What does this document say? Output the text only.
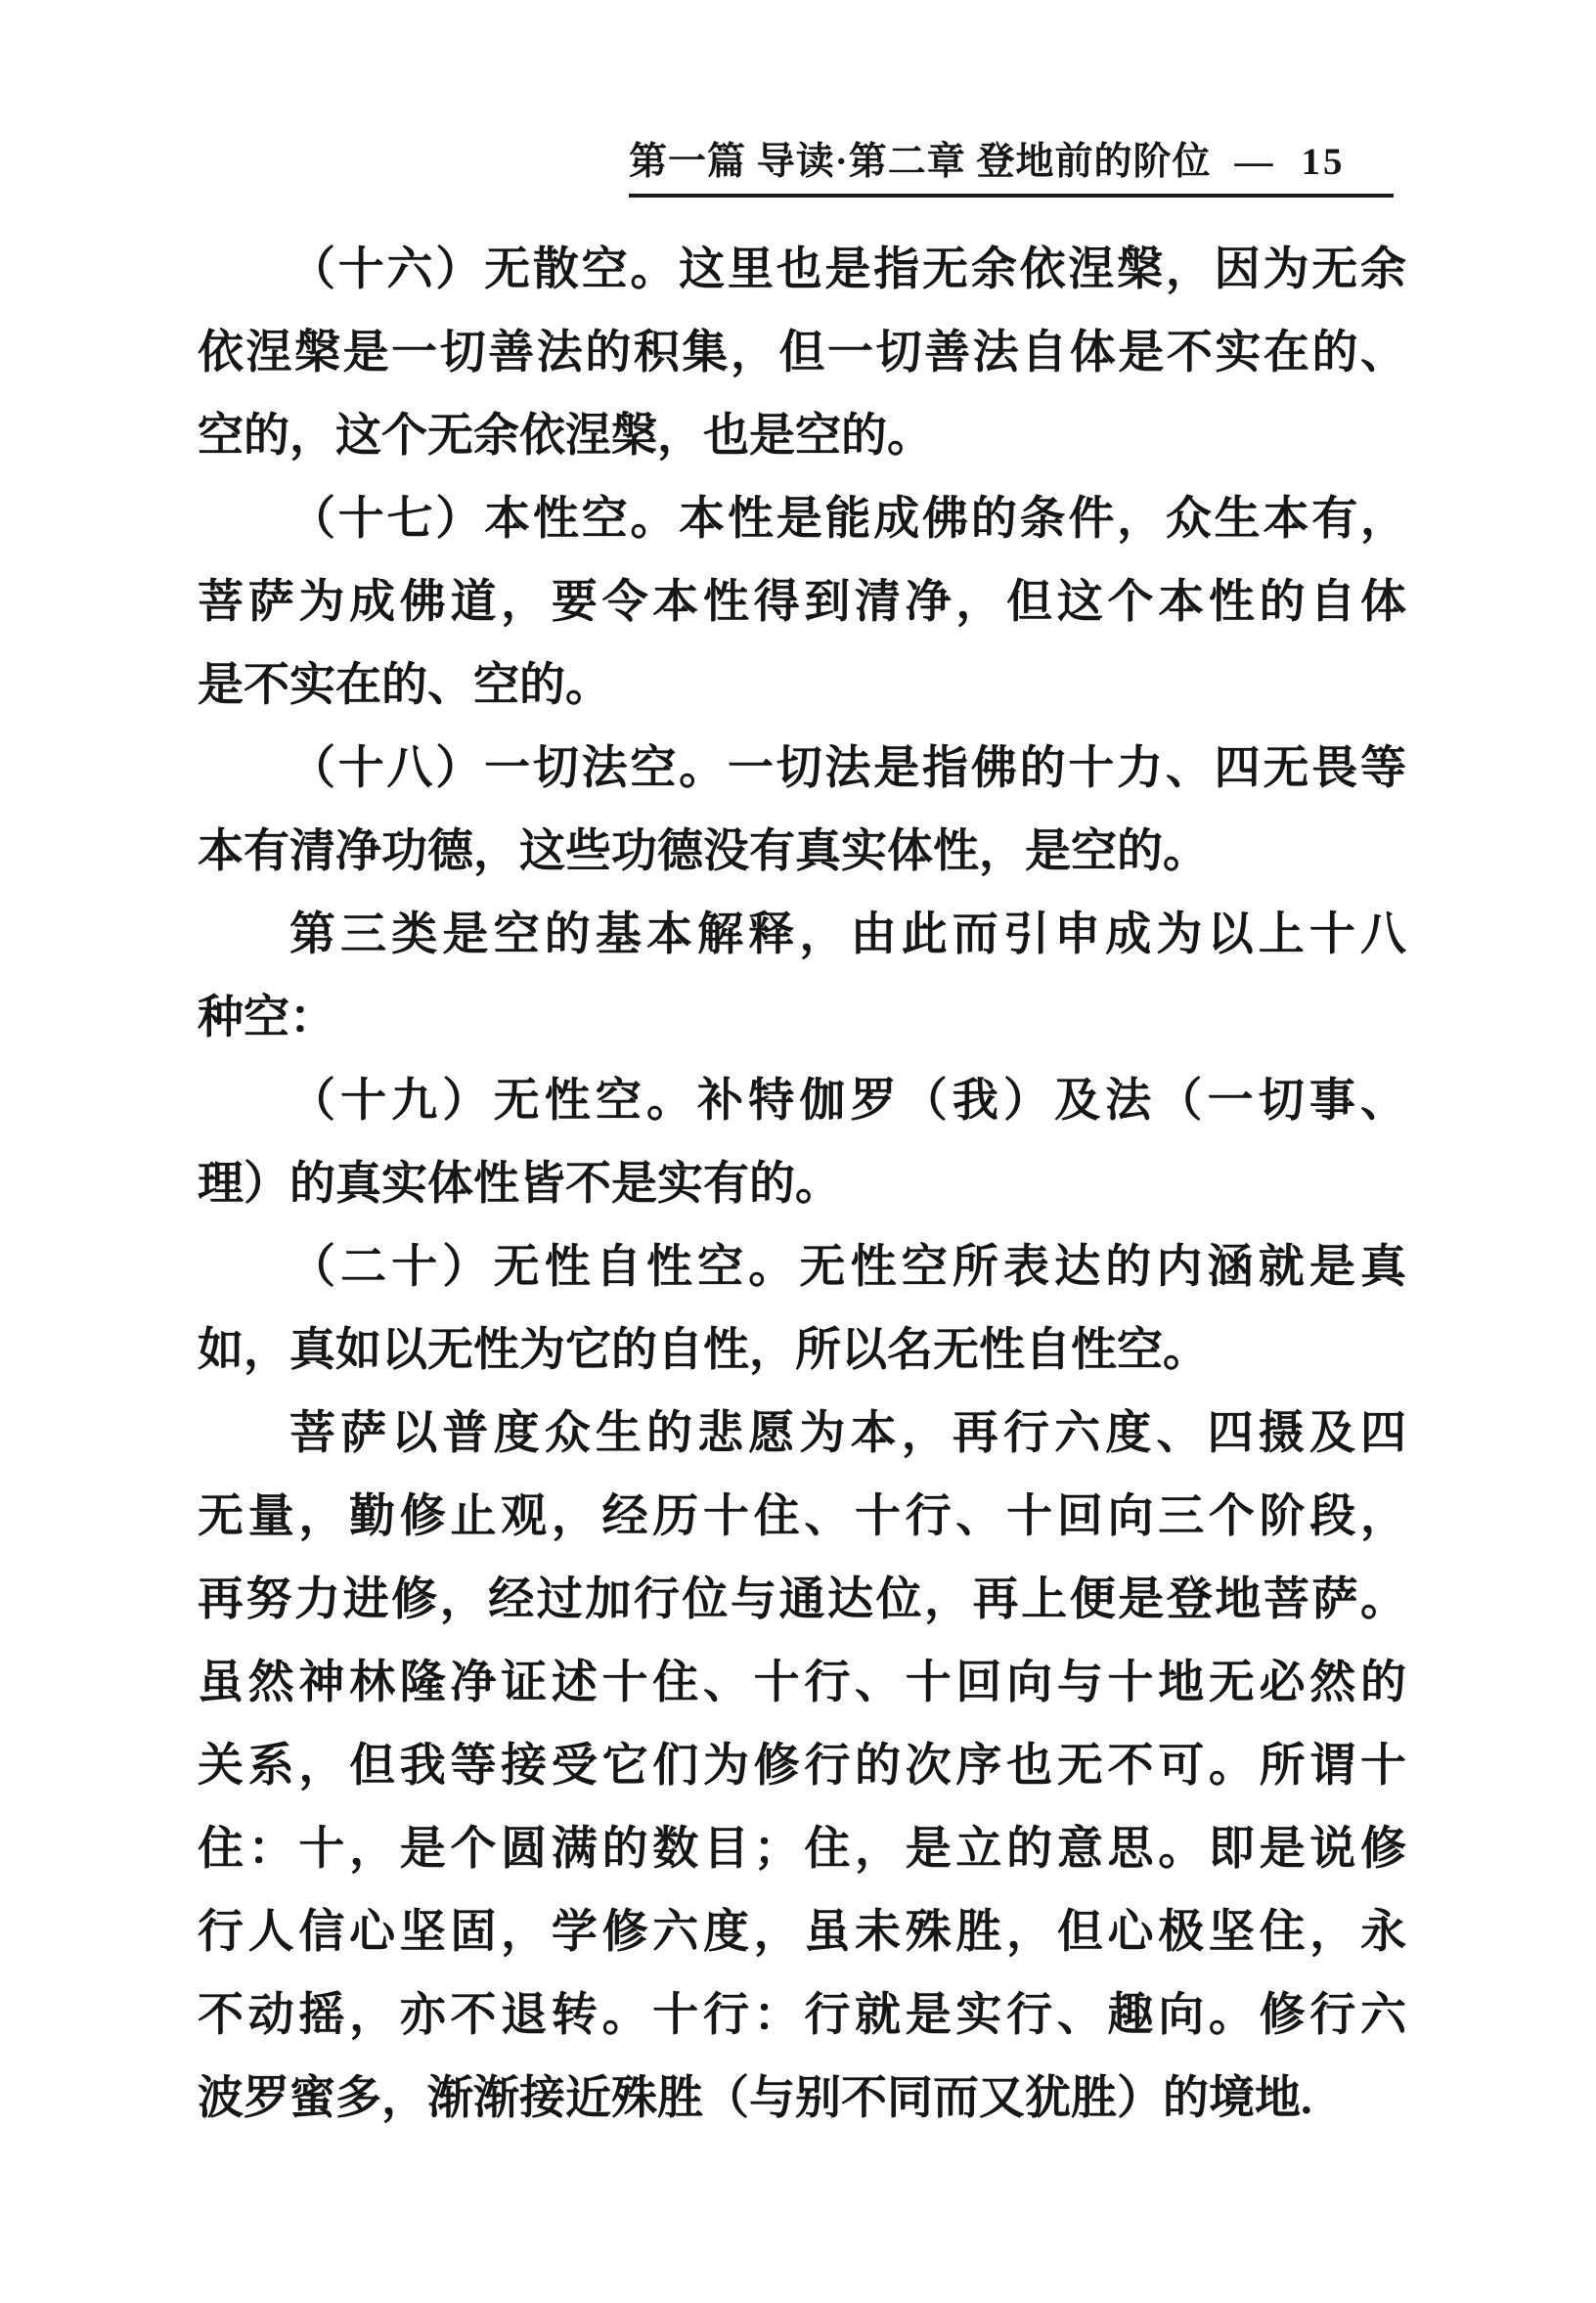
第一篇 导读·第二章 登地前的阶位 — 15
（十六）无散空。这里也是指无余依涅槃，因为无余
依涅槃是一切善法的积集，但一切善法自体是不实在的、
空的，这个无余依涅槃，也是空的。
（十七）本性空。本性是能成佛的条件，众生本有，
菩萨为成佛道，要令本性得到清净，但这个本性的自体
是不实在的、空的。
（十八）一切法空。一切法是指佛的十力、四无畏等
本有清净功德，这些功德没有真实体性，是空的。
第三类是空的基本解释，由此而引申成为以上十八
种空：
（十九）无性空。补特伽罗（我）及法（一切事、
理）的真实体性皆不是实有的。
（二十）无性自性空。无性空所表达的内涵就是真
如，真如以无性为它的自性，所以名无性自性空。
菩萨以普度众生的悲愿为本，再行六度、四摄及四
无量，勤修止观，经历十住、十行、十回向三个阶段，
再努力进修，经过加行位与通达位，再上便是登地菩萨。
虽然神林隆净证述十住、十行、十回向与十地无必然的
关系，但我等接受它们为修行的次序也无不可。所谓十
住：十，是个圆满的数目；住，是立的意思。即是说修
行人信心坚固，学修六度，虽未殊胜，但心极坚住，永
不动摇，亦不退转。十行：行就是实行、趣向。修行六
波罗蜜多，渐渐接近殊胜（与别不同而又犹胜）的境地.
